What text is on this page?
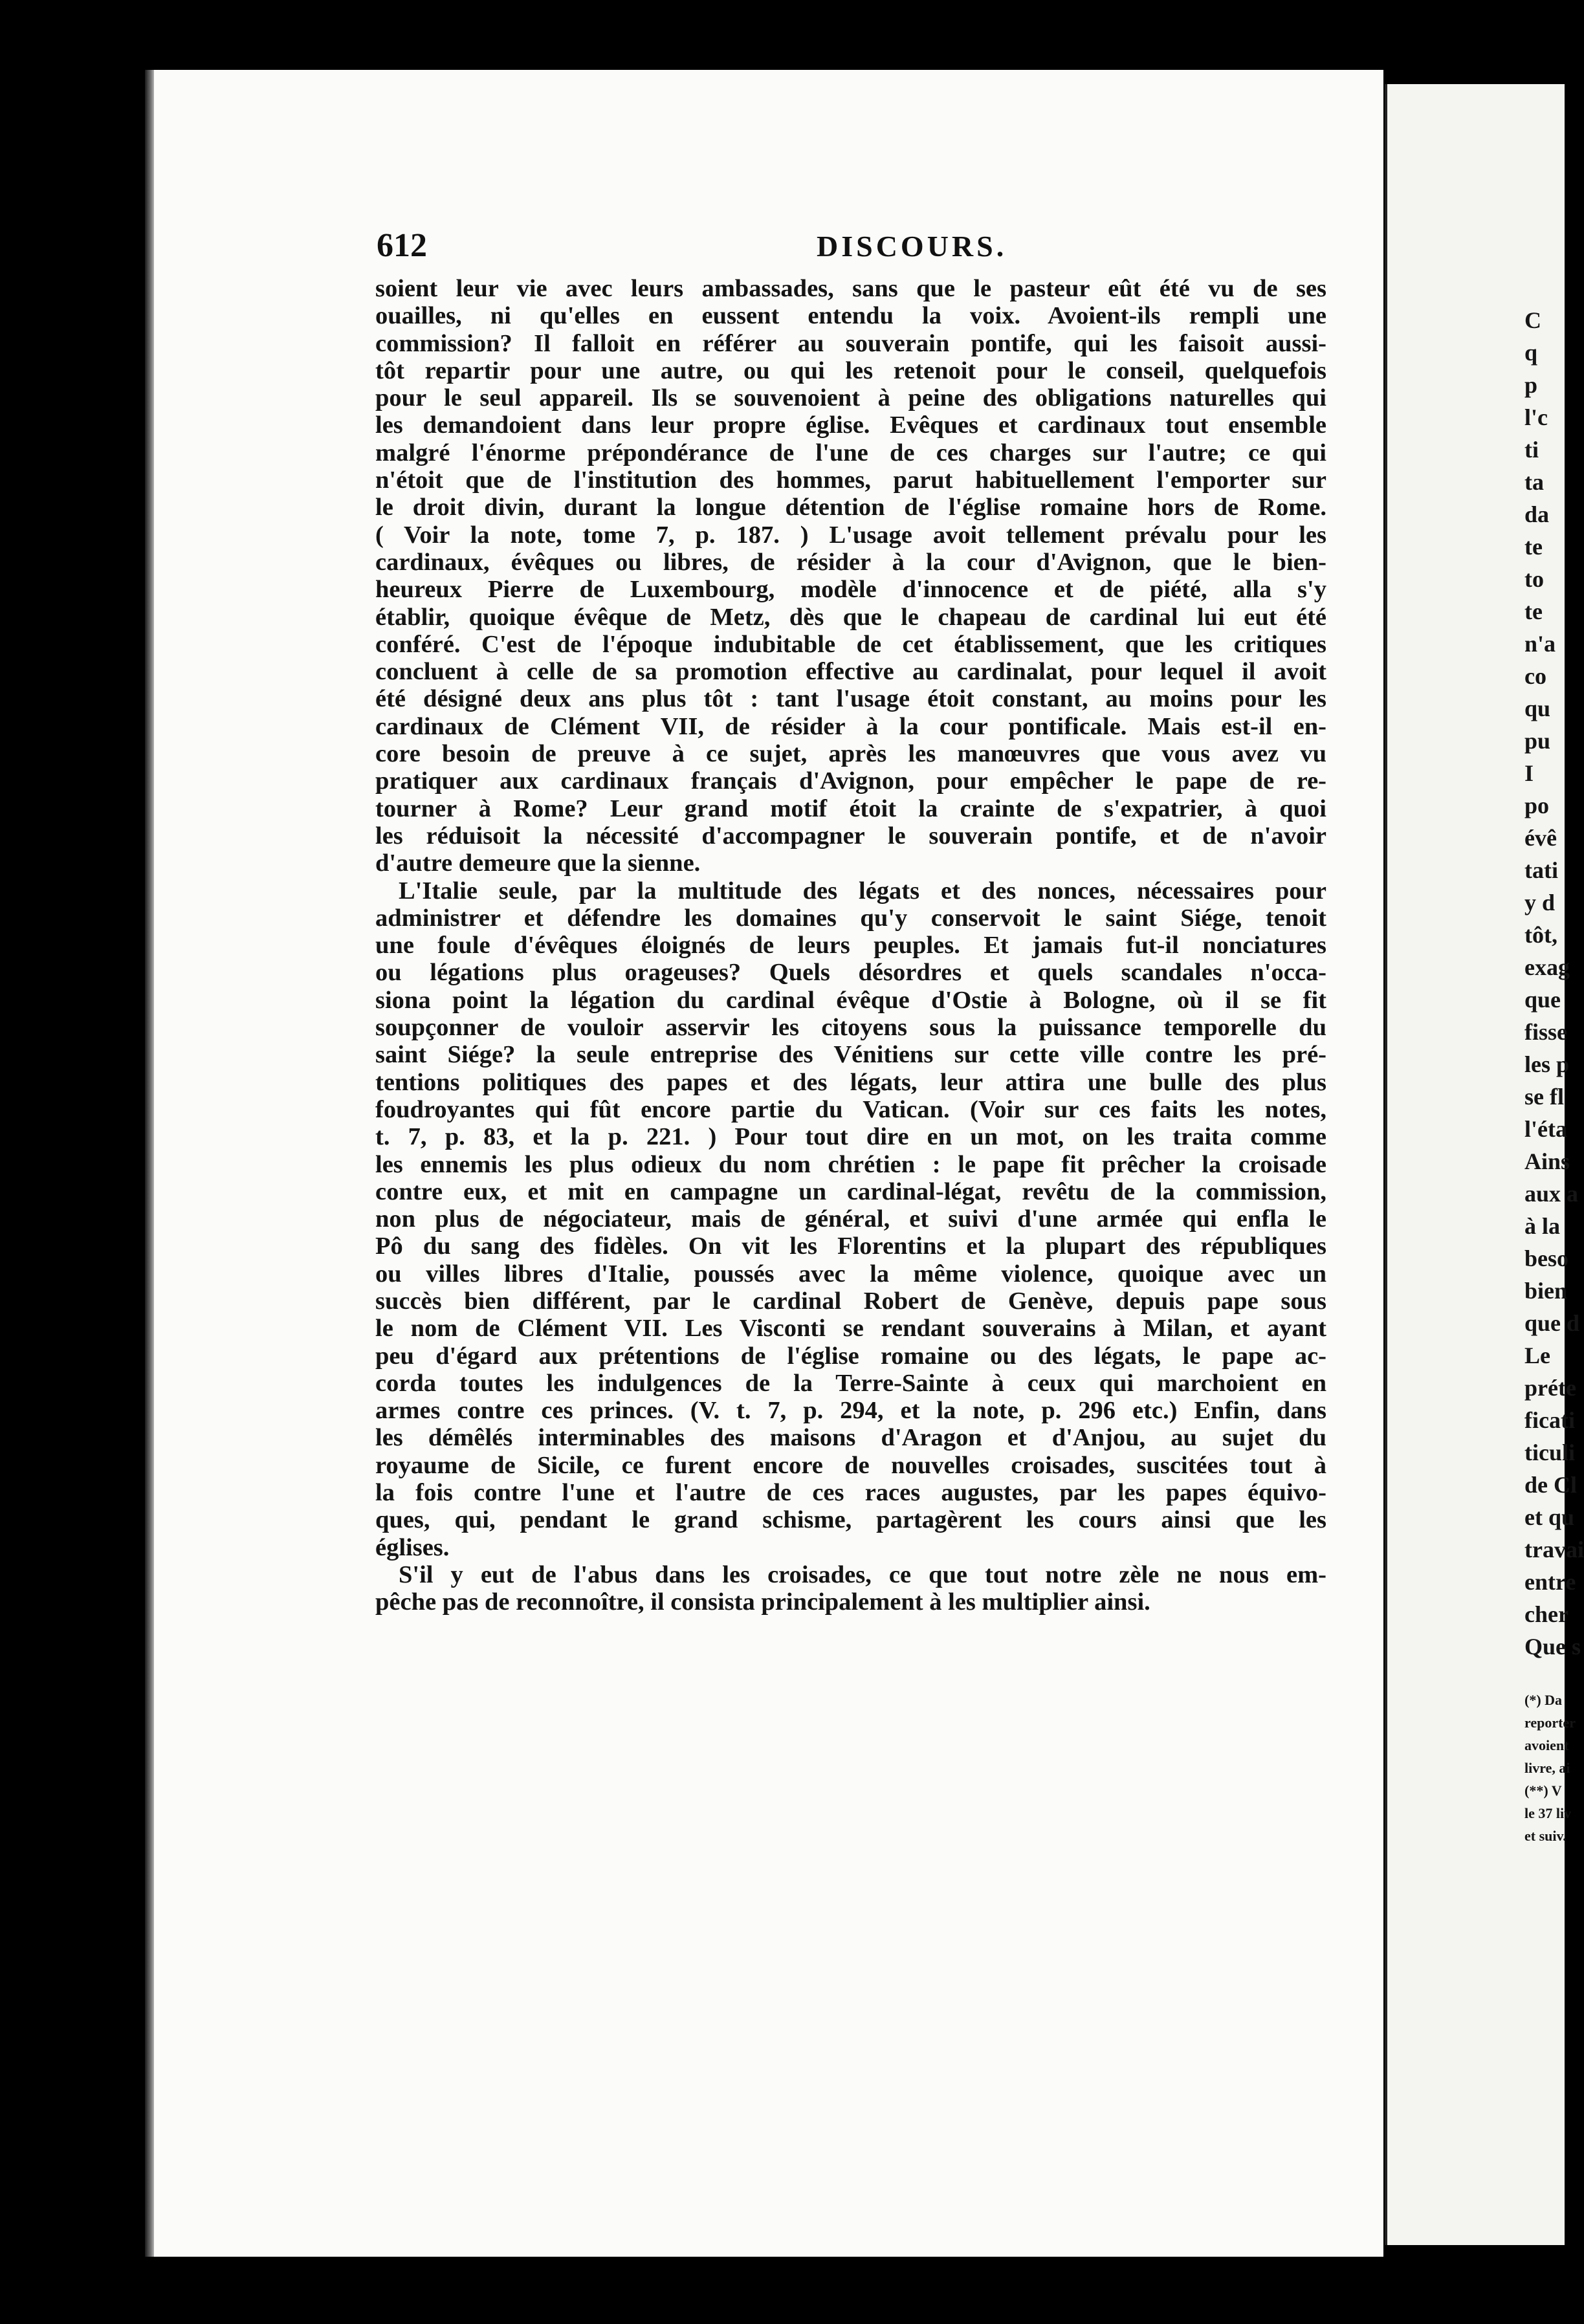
612	DISCOURS.
soient leur vie avec leurs ambassades, sans que le pasteur eût été vu de ses
ouailles, ni qu'elles en eussent entendu la voix. Avoient-ils rempli une
commission? Il falloit en référer au souverain pontife, qui les faisoit aussi-
tôt repartir pour une autre, ou qui les retenoit pour le conseil, quelquefois
pour le seul appareil. Ils se souvenoient à peine des obligations naturelles qui
les demandoient dans leur propre église. Evêques et cardinaux tout ensemble
malgré l'énorme prépondérance de l'une de ces charges sur l'autre; ce qui
n'étoit que de l'institution des hommes, parut habituellement l'emporter sur
le droit divin, durant la longue détention de l'église romaine hors de Rome.
( Voir la note, tome 7, p. 187. ) L'usage avoit tellement prévalu pour les
cardinaux, évêques ou libres, de résider à la cour d'Avignon, que le bien-
heureux Pierre de Luxembourg, modèle d'innocence et de piété, alla s'y
établir, quoique évêque de Metz, dès que le chapeau de cardinal lui eut été
conféré. C'est de l'époque indubitable de cet établissement, que les critiques
concluent à celle de sa promotion effective au cardinalat, pour lequel il avoit
été désigné deux ans plus tôt : tant l'usage étoit constant, au moins pour les
cardinaux de Clément VII, de résider à la cour pontificale. Mais est-il en-
core besoin de preuve à ce sujet, après les manœuvres que vous avez vu
pratiquer aux cardinaux français d'Avignon, pour empêcher le pape de re-
tourner à Rome? Leur grand motif étoit la crainte de s'expatrier, à quoi
les réduisoit la nécessité d'accompagner le souverain pontife, et de n'avoir
d'autre demeure que la sienne.
L'Italie seule, par la multitude des légats et des nonces, nécessaires pour
administrer et défendre les domaines qu'y conservoit le saint Siége, tenoit
une foule d'évêques éloignés de leurs peuples. Et jamais fut-il nonciatures
ou légations plus orageuses? Quels désordres et quels scandales n'occa-
siona point la légation du cardinal évêque d'Ostie à Bologne, où il se fit
soupçonner de vouloir asservir les citoyens sous la puissance temporelle du
saint Siége? la seule entreprise des Vénitiens sur cette ville contre les pré-
tentions politiques des papes et des légats, leur attira une bulle des plus
foudroyantes qui fût encore partie du Vatican. (Voir sur ces faits les notes,
t. 7, p. 83, et la p. 221. ) Pour tout dire en un mot, on les traita comme
les ennemis les plus odieux du nom chrétien : le pape fit prêcher la croisade
contre eux, et mit en campagne un cardinal-légat, revêtu de la commission,
non plus de négociateur, mais de général, et suivi d'une armée qui enfla le
Pô du sang des fidèles. On vit les Florentins et la plupart des républiques
ou villes libres d'Italie, poussés avec la même violence, quoique avec un
succès bien différent, par le cardinal Robert de Genève, depuis pape sous
le nom de Clément VII. Les Visconti se rendant souverains à Milan, et ayant
peu d'égard aux prétentions de l'église romaine ou des légats, le pape ac-
corda toutes les indulgences de la Terre-Sainte à ceux qui marchoient en
armes contre ces princes. (V. t. 7, p. 294, et la note, p. 296 etc.) Enfin, dans
les démêlés interminables des maisons d'Aragon et d'Anjou, au sujet du
royaume de Sicile, ce furent encore de nouvelles croisades, suscitées tout à
la fois contre l'une et l'autre de ces races augustes, par les papes équivo-
ques, qui, pendant le grand schisme, partagèrent les cours ainsi que les
églises.
S'il y eut de l'abus dans les croisades, ce que tout notre zèle ne nous em-
pêche pas de reconnoître, il consista principalement à les multiplier ainsi.
C
q
p
l'c
ti
ta
da
te
to
te
n'a
co
qu
pu
I
po
évê
tati
y d
tôt,
exag
que
fisse
les p
se fl
l'éta
Ains
aux a
à la
beso
bien
que d
Le
préte
ficati
ticuli
de Cl
et qu
travai
entre
cher
Que s
(*) Da
reporter
avoient
livre, ai
(**) V
le 37 liv
et suiv.
